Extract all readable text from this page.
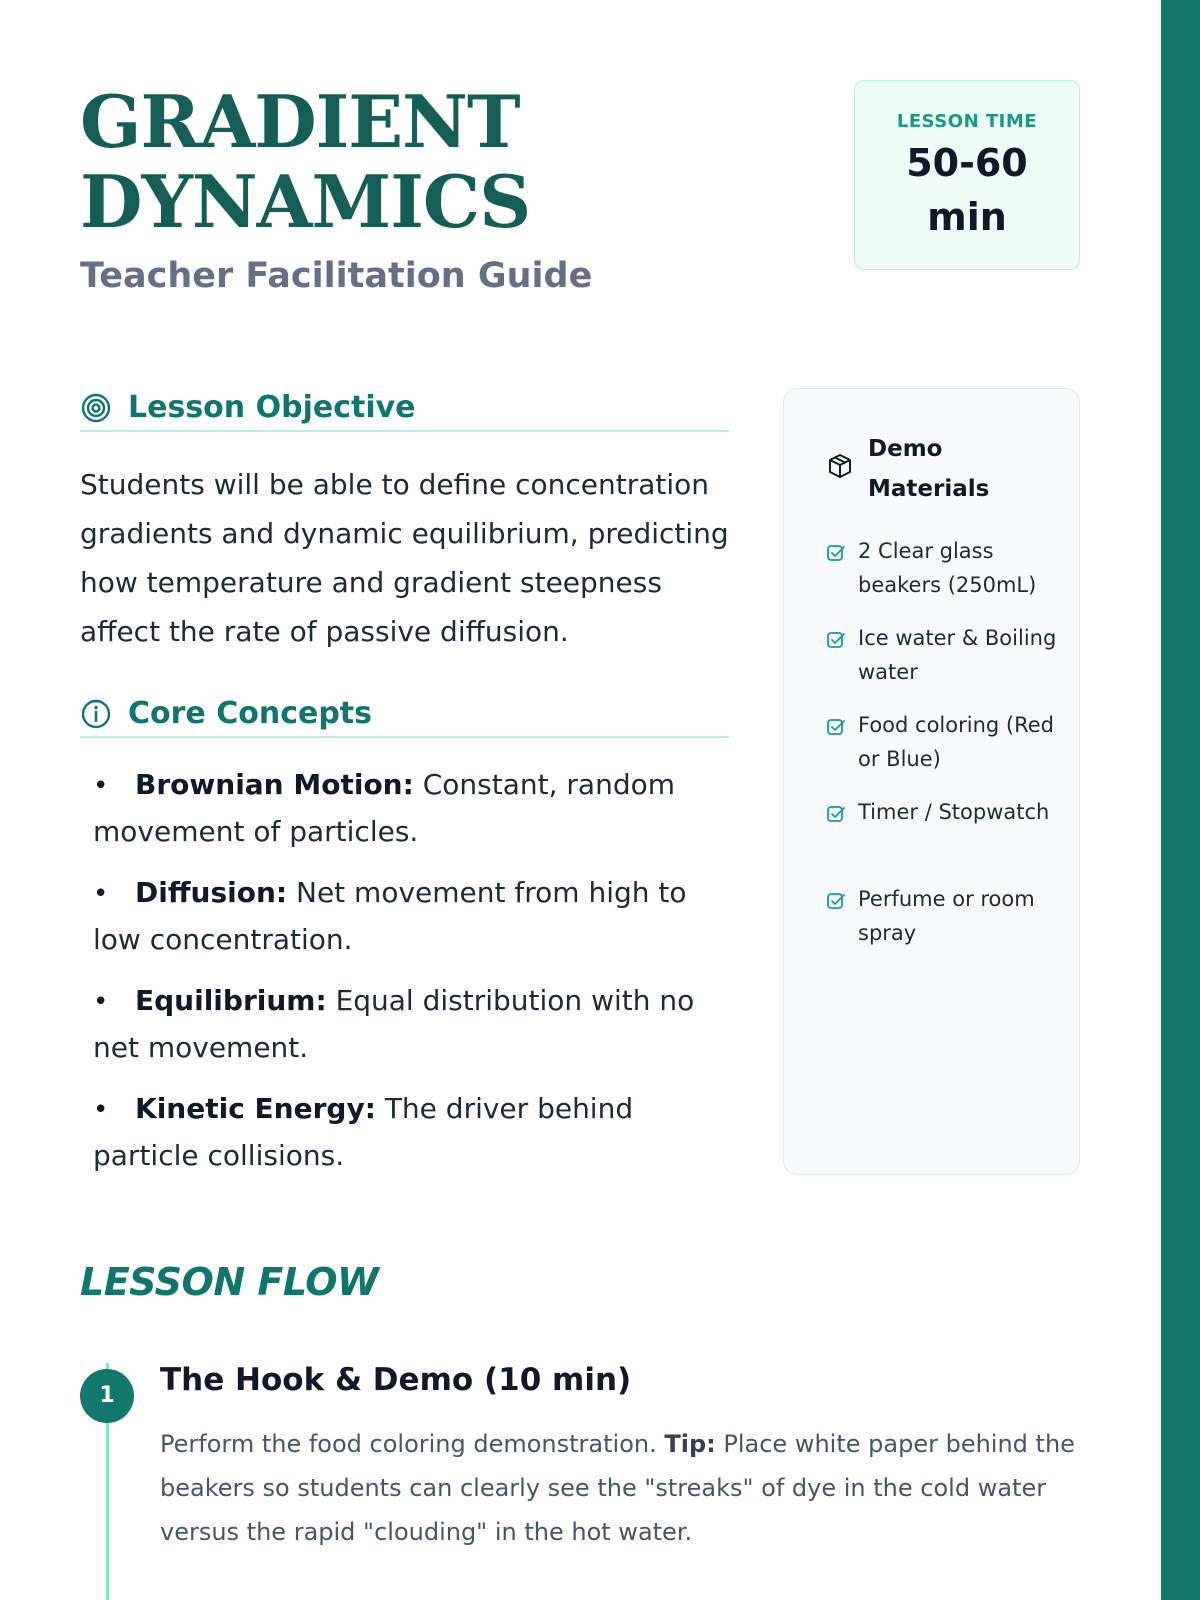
GRADIENT
DYNAMICS
Teacher Facilitation Guide
LESSON TIME
50-60 min
Lesson Objective

Students will be able to define concentration gradients and dynamic equilibrium, predicting how temperature and gradient steepness affect the rate of passive diffusion.

Core Concepts
• Brownian Motion: Constant, random movement of particles.
• Diffusion: Net movement from high to low concentration.
• Equilibrium: Equal distribution with no net movement.
• Kinetic Energy: The driver behind particle collisions.
Demo Materials
2 Clear glass beakers (250mL)
Ice water & Boiling water
Food coloring (Red or Blue)
Timer / Stopwatch
Perfume or room spray
LESSON FLOW
1	The Hook & Demo (10 min)

Perform the food coloring demonstration. Tip: Place white paper behind the beakers so students can clearly see the "streaks" of dye in the cold water versus the rapid "clouding" in the hot water.
